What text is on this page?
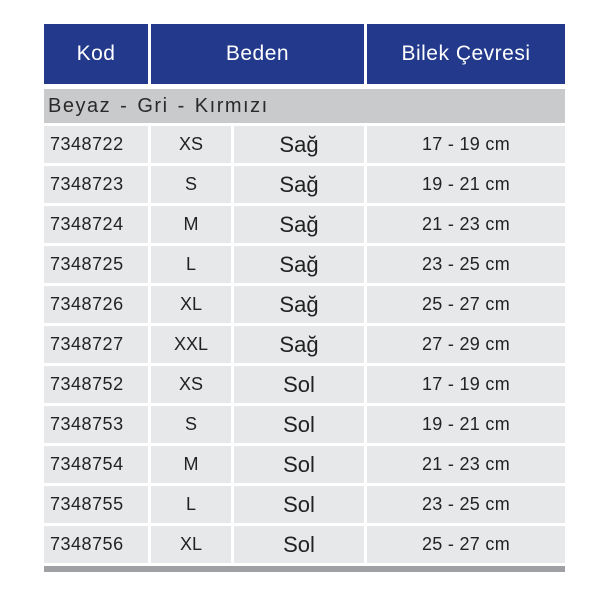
Kod	Beden	Bilek Çevresi
Beyaz - Gri - Kırmızı
7348722	XS	Sağ	17 - 19 cm
7348723	S	Sağ	19 - 21 cm
7348724	M	Sağ	21 - 23 cm
7348725	L	Sağ	23 - 25 cm
7348726	XL	Sağ	25 - 27 cm
7348727	XXL	Sağ	27 - 29 cm
7348752	XS	Sol	17 - 19 cm
7348753	S	Sol	19 - 21 cm
7348754	M	Sol	21 - 23 cm
7348755	L	Sol	23 - 25 cm
7348756	XL	Sol	25 - 27 cm
